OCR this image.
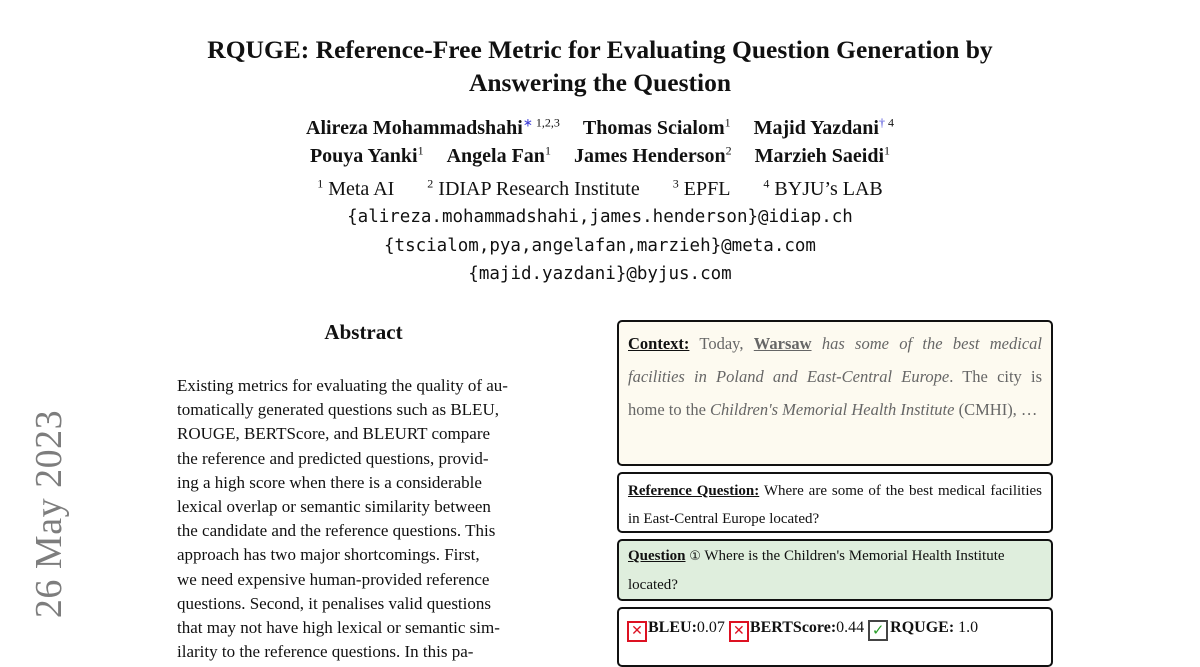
26 May 2023
RQUGE: Reference-Free Metric for Evaluating Question Generation by
Answering the Question
Alireza Mohammadshahi$^{∗ 1,2,3}$ Thomas Scialom$^1$ Majid Yazdani$^{\dagger 4}$
Pouya Yanki$^1$ Angela Fan$^1$ James Henderson$^2$ Marzieh Saeidi$^1$
$^1$ Meta AI	$^2$ IDIAP Research Institute	$^3$ EPFL	$^4$ BYJU’s LAB
{alireza.mohammadshahi,james.henderson}@idiap.ch
{tscialom,pya,angelafan,marzieh}@meta.com
{majid.yazdani}@byjus.com
Abstract
Existing metrics for evaluating the quality of au-
tomatically generated questions such as BLEU,
ROUGE, BERTScore, and BLEURT compare
the reference and predicted questions, provid-
ing a high score when there is a considerable
lexical overlap or semantic similarity between
the candidate and the reference questions. This
approach has two major shortcomings. First,
we need expensive human-provided reference
questions. Second, it penalises valid questions
that may not have high lexical or semantic sim-
ilarity to the reference questions. In this pa-
Context: Today, Warsaw has some of the best medical facilities in Poland and East-Central Europe. The city is home to the Children's Memorial Health Institute (CMHI), …
Reference Question: Where are some of the best medical facilities in East-Central Europe located?
Question ① Where is the Children's Memorial Health Institute located?
✕ BLEU:0.07 ✕ BERTScore:0.44 ✓ RQUGE: 1.0
